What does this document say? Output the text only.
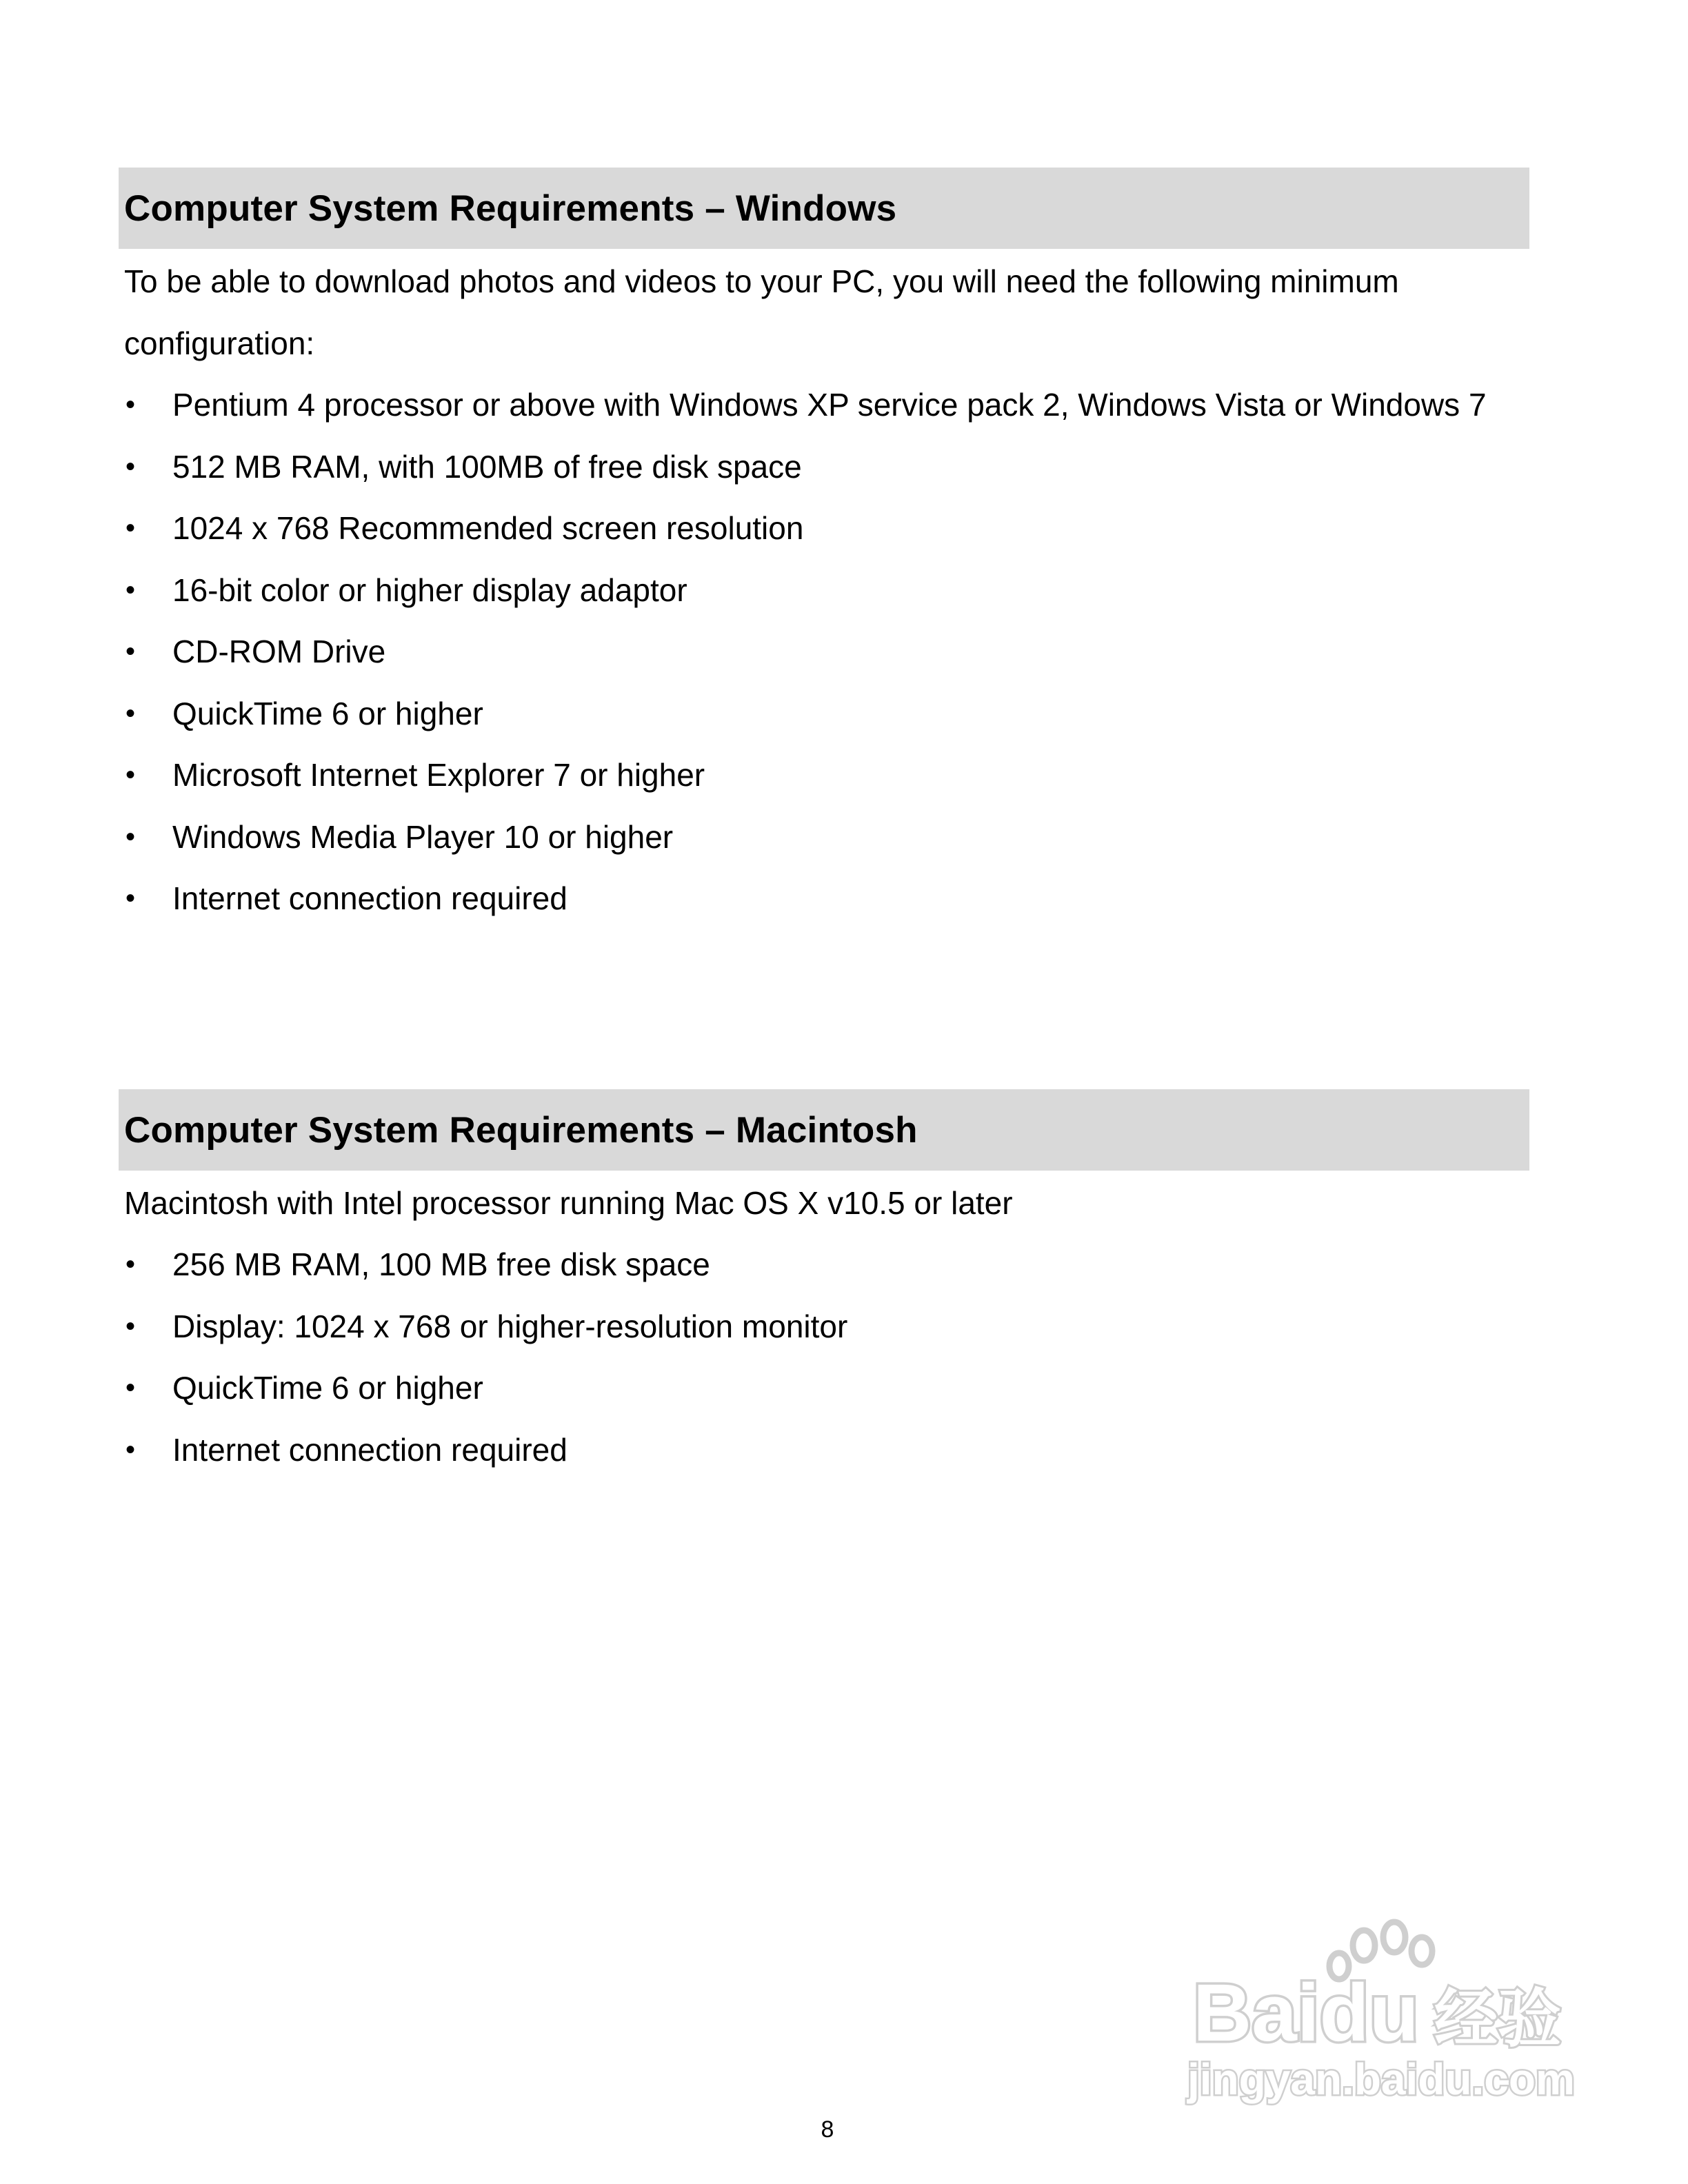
Computer System Requirements – Windows

To be able to download photos and videos to your PC, you will need the following minimum configuration:

• Pentium 4 processor or above with Windows XP service pack 2, Windows Vista or Windows 7
• 512 MB RAM, with 100MB of free disk space
• 1024 x 768 Recommended screen resolution
• 16-bit color or higher display adaptor
• CD-ROM Drive
• QuickTime 6 or higher
• Microsoft Internet Explorer 7 or higher
• Windows Media Player 10 or higher
• Internet connection required
Computer System Requirements – Macintosh

Macintosh with Intel processor running Mac OS X v10.5 or later

• 256 MB RAM, 100 MB free disk space
• Display: 1024 x 768 or higher-resolution monitor
• QuickTime 6 or higher
• Internet connection required
Baidu 经验
jingyan.baidu.com
8
